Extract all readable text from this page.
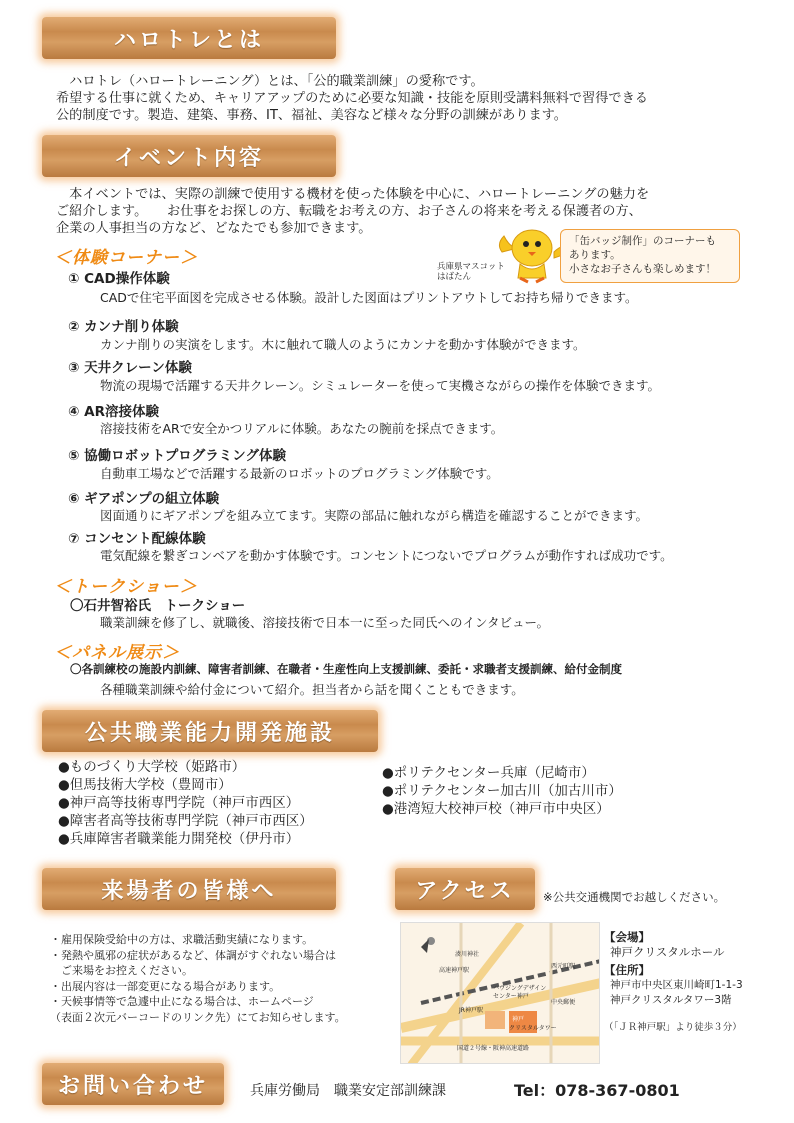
ハロトレとは
　ハロトレ（ハロートレーニング）とは、「公的職業訓練」の愛称です。
希望する仕事に就くため、キャリアアップのために必要な知識・技能を原則受講料無料で習得できる
公的制度です。製造、建築、事務、IT、福祉、美容など様々な分野の訓練があります。
イベント内容
　本イベントでは、実際の訓練で使用する機材を使った体験を中心に、ハロートレーニングの魅力を
ご紹介します。　　お仕事をお探しの方、転職をお考えの方、お子さんの将来を考える保護者の方、
企業の人事担当の方など、どなたでも参加できます。
兵庫県マスコット
はばたん
「缶バッジ制作」のコーナーも
あります。
小さなお子さんも楽しめます！
＜体験コーナー＞
① CAD操作体験
CADで住宅平面図を完成させる体験。設計した図面はプリントアウトしてお持ち帰りできます。
② カンナ削り体験
カンナ削りの実演をします。木に触れて職人のようにカンナを動かす体験ができます。
③ 天井クレーン体験
物流の現場で活躍する天井クレーン。シミュレーターを使って実機さながらの操作を体験できます。
④ AR溶接体験
溶接技術をARで安全かつリアルに体験。あなたの腕前を採点できます。
⑤ 協働ロボットプログラミング体験
自動車工場などで活躍する最新のロボットのプログラミング体験です。
⑥ ギアポンプの組立体験
図面通りにギアポンプを組み立てます。実際の部品に触れながら構造を確認することができます。
⑦ コンセント配線体験
電気配線を繋ぎコンベアを動かす体験です。コンセントにつないでプログラムが動作すれば成功です。
＜トークショー＞
〇石井智裕氏　トークショー
職業訓練を修了し、就職後、溶接技術で日本一に至った同氏へのインタビュー。
＜パネル展示＞
〇各訓練校の施設内訓練、障害者訓練、在職者・生産性向上支援訓練、委託・求職者支援訓練、給付金制度
各種職業訓練や給付金について紹介。担当者から話を聞くこともできます。
公共職業能力開発施設
●ものづくり大学校（姫路市）
●但馬技術大学校（豊岡市）
●神戸高等技術専門学院（神戸市西区）
●障害者高等技術専門学院（神戸市西区）
●兵庫障害者職業能力開発校（伊丹市）
●ポリテクセンター兵庫（尼崎市）
●ポリテクセンター加古川（加古川市）
●港湾短大校神戸校（神戸市中央区）
来場者の皆様へ
・雇用保険受給中の方は、求職活動実績になります。
・発熱や風邪の症状があるなど、体調がすぐれない場合は
　ご来場をお控えください。
・出展内容は一部変更になる場合があります。
・天候事情等で急遽中止になる場合は、ホームページ
（表面２次元バーコードのリンク先）にてお知らせします。
アクセス	※公共交通機関でお越しください。
湊川神社
高速神戸駅
西元町駅
ハウジングデザイン
センター神戸
JR神戸駅
神戸
クリスタルタワー
中央郵便
国道２号線・阪神高速道路
【会場】
神戸クリスタルホール
【住所】
神戸市中央区東川崎町1-1-3
神戸クリスタルタワー3階
（「ＪＲ神戸駅」より徒歩３分）
お問い合わせ	兵庫労働局　職業安定部訓練課	Tel：078-367-0801
